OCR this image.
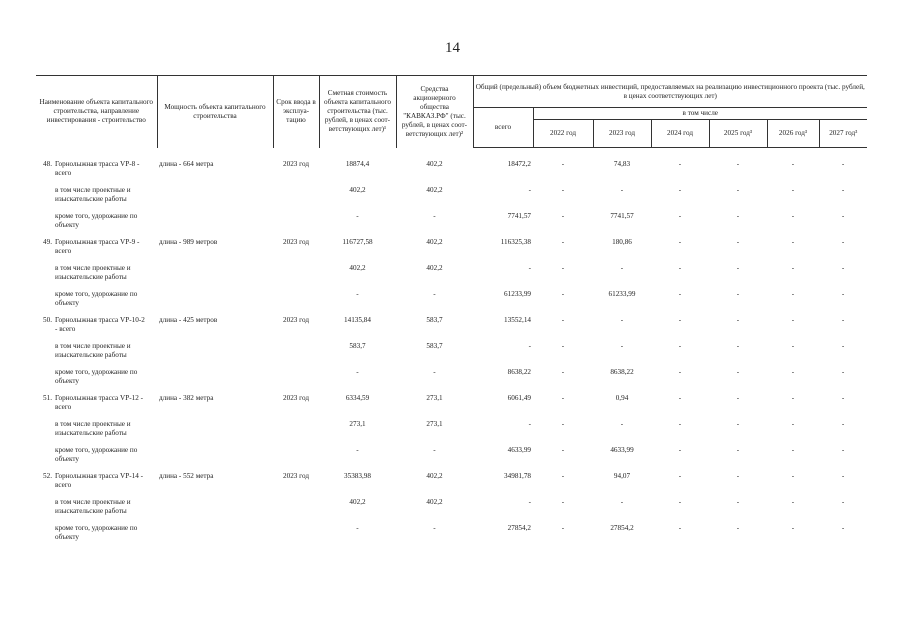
14
Наименование объекта капитального строительства, направление инвестирования - строительство	Мощность объекта капитального строительства	Срок ввода в эксплуа- тацию	Сметная стоимость объекта капитального строительства (тыс. рублей, в ценах соот- ветствующих лет)¹	Средства акционерного общества "КАВКАЗ.РФ" (тыс. рублей, в ценах соот- ветствующих лет)²	Общий (предельный) объем бюджетных инвестиций, предоставляемых на реализацию инвестиционного проекта (тыс. рублей, в ценах соответствующих лет)						
					всего	в том числе					
						2022 год	2023 год	2024 год	2025 год³	2026 год³	2027 год³
48. Горнолыжная трасса VP-8 - всего	длина - 664 метра	2023 год	18874,4	402,2	18472,2	-	74,83	-	-	-	-
в том числе проектные и изыскательские работы			402,2	402,2	-	-	-	-	-	-	-
кроме того, удорожание по объекту			-	-	7741,57	-	7741,57	-	-	-	-
49. Горнолыжная трасса VP-9 - всего	длина - 989 метров	2023 год	116727,58	402,2	116325,38	-	180,86	-	-	-	-
в том числе проектные и изыскательские работы			402,2	402,2	-	-	-	-	-	-	-
кроме того, удорожание по объекту			-	-	61233,99	-	61233,99	-	-	-	-
50. Горнолыжная трасса VP-10-2 - всего	длина - 425 метров	2023 год	14135,84	583,7	13552,14	-	-	-	-	-	-
в том числе проектные и изыскательские работы			583,7	583,7	-	-	-	-	-	-	-
кроме того, удорожание по объекту			-	-	8638,22	-	8638,22	-	-	-	-
51. Горнолыжная трасса VP-12 - всего	длина - 382 метра	2023 год	6334,59	273,1	6061,49	-	0,94	-	-	-	-
в том числе проектные и изыскательские работы			273,1	273,1	-	-	-	-	-	-	-
кроме того, удорожание по объекту			-	-	4633,99	-	4633,99	-	-	-	-
52. Горнолыжная трасса VP-14 - всего	длина - 552 метра	2023 год	35383,98	402,2	34981,78	-	94,07	-	-	-	-
в том числе проектные и изыскательские работы			402,2	402,2	-	-	-	-	-	-	-
кроме того, удорожание по объекту			-	-	27854,2	-	27854,2	-	-	-	-
